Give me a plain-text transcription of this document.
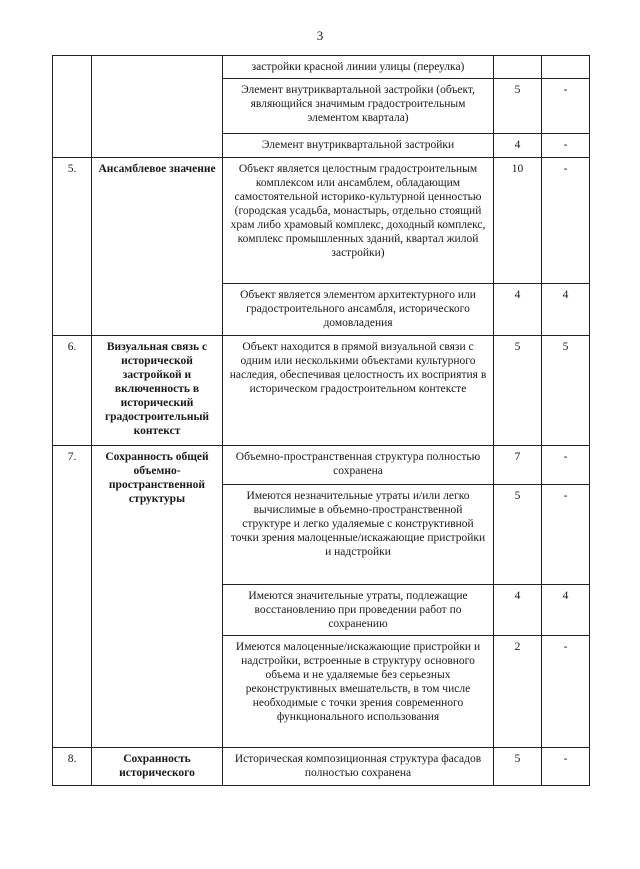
3
		застройки красной линии улицы (переулка)		
		Элемент внутриквартальной застройки (объект, являющийся значимым градостроительным элементом квартала)	5	-
		Элемент внутриквартальной застройки	4	-
5.	Ансамблевое значение	Объект является целостным градостроительным комплексом или ансамблем, обладающим самостоятельной историко-культурной ценностью (городская усадьба, монастырь, отдельно стоящий храм либо храмовый комплекс, доходный комплекс, комплекс промышленных зданий, квартал жилой застройки)	10	-
		Объект является элементом архитектурного или градостроительного ансамбля, исторического домовладения	4	4
6.	Визуальная связь с исторической застройкой и включенность в исторический градостроительный контекст	Объект находится в прямой визуальной связи с одним или несколькими объектами культурного наследия, обеспечивая целостность их восприятия в историческом градостроительном контексте	5	5
7.	Сохранность общей объемно-пространственной структуры	Объемно-пространственная структура полностью сохранена	7	-
		Имеются незначительные утраты и/или легко вычислимые в объемно-пространственной структуре и легко удаляемые с конструктивной точки зрения малоценные/искажающие пристройки и надстройки	5	-
		Имеются значительные утраты, подлежащие восстановлению при проведении работ по сохранению	4	4
		Имеются малоценные/искажающие пристройки и надстройки, встроенные в структуру основного объема и не удаляемые без серьезных реконструктивных вмешательств, в том числе необходимые с точки зрения современного функционального использования	2	-
8.	Сохранность исторического	Историческая композиционная структура фасадов полностью сохранена	5	-
